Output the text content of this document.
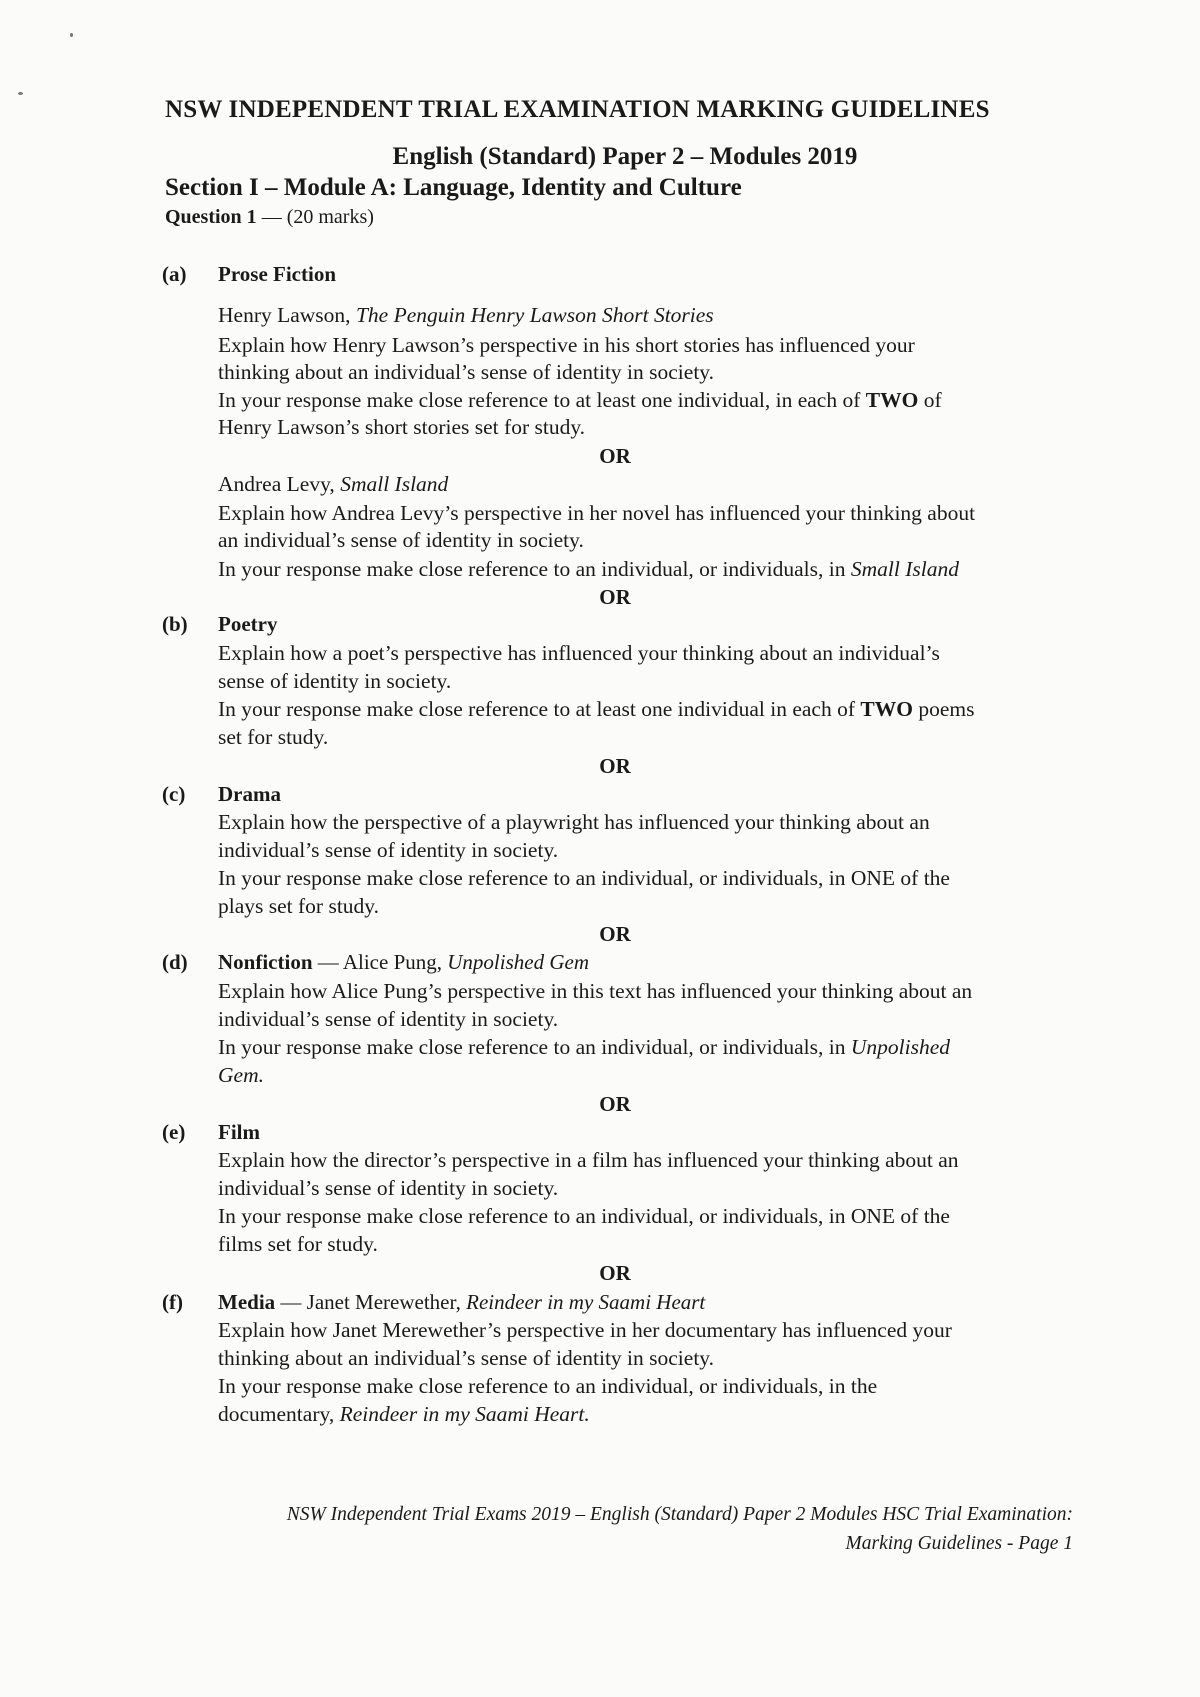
NSW INDEPENDENT TRIAL EXAMINATION MARKING GUIDELINES
English (Standard) Paper 2 – Modules 2019
Section I – Module A: Language, Identity and Culture
Question 1 — (20 marks)
(a)	Prose Fiction
Henry Lawson, The Penguin Henry Lawson Short Stories
Explain how Henry Lawson’s perspective in his short stories has influenced your
thinking about an individual’s sense of identity in society.
In your response make close reference to at least one individual, in each of TWO of
Henry Lawson’s short stories set for study.
OR
Andrea Levy, Small Island
Explain how Andrea Levy’s perspective in her novel has influenced your thinking about
an individual’s sense of identity in society.
In your response make close reference to an individual, or individuals, in Small Island
OR
(b)	Poetry
Explain how a poet’s perspective has influenced your thinking about an individual’s
sense of identity in society.
In your response make close reference to at least one individual in each of TWO poems
set for study.
OR
(c)	Drama
Explain how the perspective of a playwright has influenced your thinking about an
individual’s sense of identity in society.
In your response make close reference to an individual, or individuals, in ONE of the
plays set for study.
OR
(d)	Nonfiction — Alice Pung, Unpolished Gem
Explain how Alice Pung’s perspective in this text has influenced your thinking about an
individual’s sense of identity in society.
In your response make close reference to an individual, or individuals, in Unpolished
Gem.
OR
(e)	Film
Explain how the director’s perspective in a film has influenced your thinking about an
individual’s sense of identity in society.
In your response make close reference to an individual, or individuals, in ONE of the
films set for study.
OR
(f)	Media — Janet Merewether, Reindeer in my Saami Heart
Explain how Janet Merewether’s perspective in her documentary has influenced your
thinking about an individual’s sense of identity in society.
In your response make close reference to an individual, or individuals, in the
documentary, Reindeer in my Saami Heart.
NSW Independent Trial Exams 2019 – English (Standard) Paper 2 Modules HSC Trial Examination:
Marking Guidelines - Page 1
